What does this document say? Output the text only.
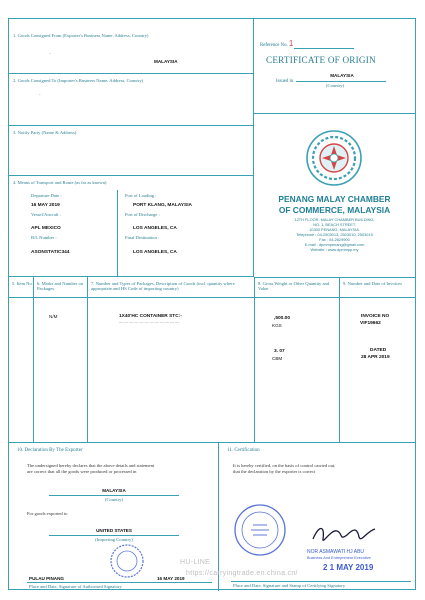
1. Goods Consigned From (Exporter's Business Name, Address, Country)
-
MALAYSIA
2. Goods Consigned To (Importer's Business Name, Address, Country)
-
3. Notify Party (Name & Address)
4. Means of Transport and Route (as far as known)
Departure Date :
16 MAY 2019
Vessel/Aircraft :
APL MEXICO
B/L Number :
ASONSTATIC344
Port of Loading :
PORT KLANG, MALAYSIA
Port of Discharge :
LOS ANGELES, CA
Final Destination :
LOS ANGELES, CA
Reference No. 1
CERTIFICATE OF ORIGIN
Issued in
MALAYSIA
(Country)
PENANG MALAY CHAMBER
OF COMMERCE, MALAYSIA
12TH FLOOR, MALAY CHAMBER BUILDING,
NO. 1, BEACH STREET,
10300 PENANG, MALAYSIA.
Telephone : 04-2503013, 2503010, 2503015
Fax : 04-2629900
E-mail : dpmmpenang@gmail.com
Website : www.dpmmpp.my
5. Item No 6. Marks and Number on Packages
7. Number and Types of Packages, Description of Goods (incl. quantity where appropriate and HS Code of importing country)
8. Gross Weight or Other Quantity and Value
9. Number and Date of Invoices
N/M	1X40'HC CONTAINER STC:-
— — — — — — — — — — — —
,500.00
KGS
3. 07
CBM
INVOICE NO
VIF19662
DATED
28 APR 2019
10. Declaration By The Exporter
The undersigned hereby declares that the above details and statement
are correct that all the goods were produced or processed in
MALAYSIA
(Country)
For goods exported to
UNITED STATES
(Importing Country)
PULAU PINANG	16 MAY 2019
Place and Date, Signature of Authorised Signatory
11. Certification
It is hereby certified, on the basis of control carried out,
that the declaration by the exporter is correct
NOR ASMAWATI HJ ABU
Business And Entrepreneur Executive
2 1 MAY 2019
Place and Date, Signature and Stamp of Certifying Signatory
HU-LINE
https://carryingtrade.en.china.cn/
